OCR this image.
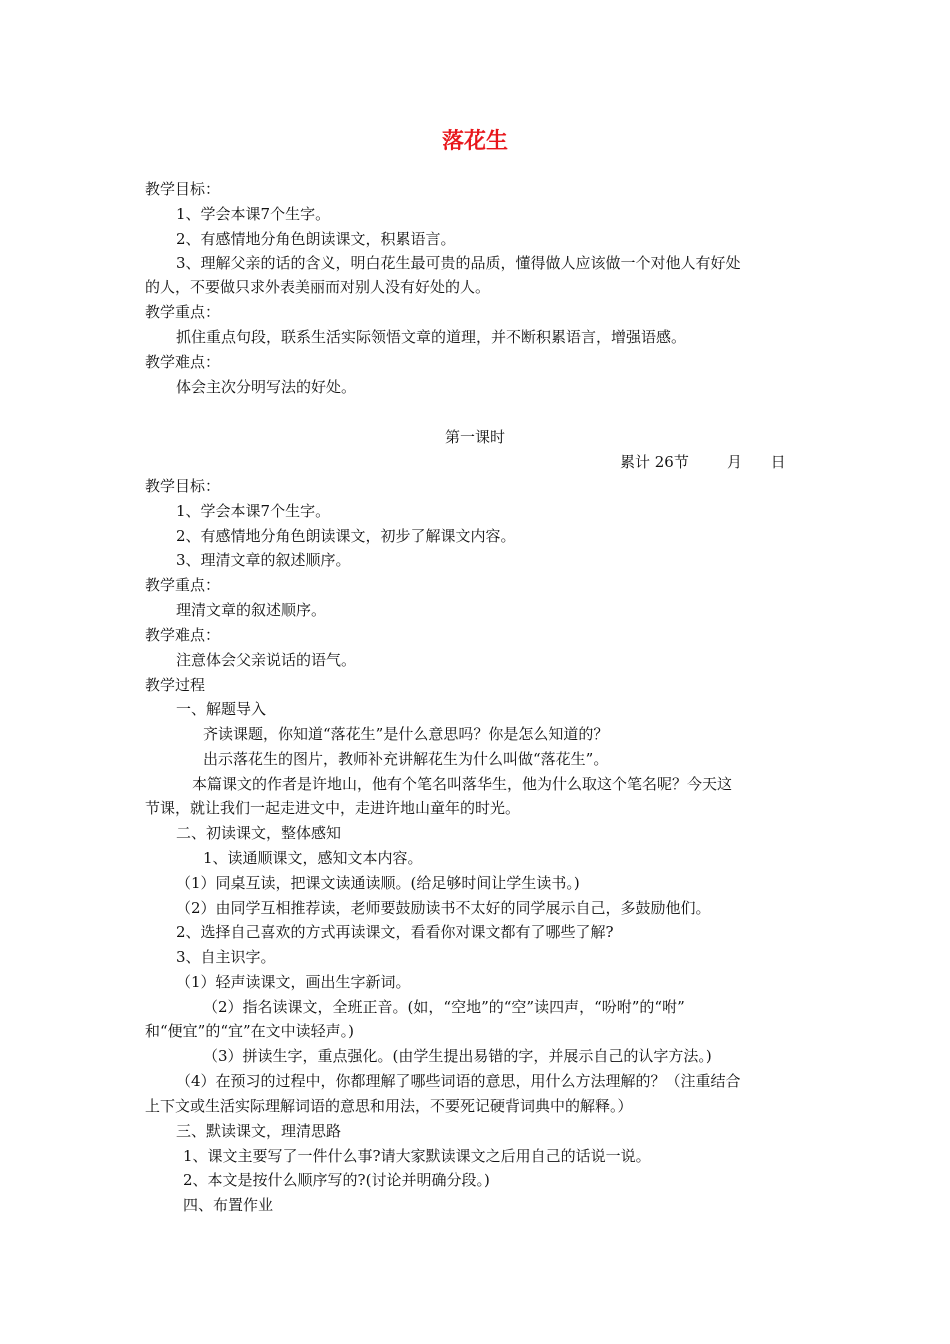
落花生
教学目标：
1、学会本课7个生字。
2、有感情地分角色朗读课文，积累语言。
3、理解父亲的话的含义，明白花生最可贵的品质，懂得做人应该做一个对他人有好处
的人，不要做只求外表美丽而对别人没有好处的人。
教学重点：
抓住重点句段，联系生活实际领悟文章的道理，并不断积累语言，增强语感。
教学难点：
体会主次分明写法的好处。
第一课时
累计 26节        月      日
教学目标：
1、学会本课7个生字。
2、有感情地分角色朗读课文，初步了解课文内容。
3、理清文章的叙述顺序。
教学重点：
理清文章的叙述顺序。
教学难点：
注意体会父亲说话的语气。
教学过程
一、解题导入
齐读课题，你知道“落花生”是什么意思吗？你是怎么知道的？
出示落花生的图片，教师补充讲解花生为什么叫做“落花生”。
本篇课文的作者是许地山，他有个笔名叫落华生，他为什么取这个笔名呢？今天这
节课，就让我们一起走进文中，走进许地山童年的时光。
二、初读课文，整体感知
1、读通顺课文，感知文本内容。
（1）同桌互读，把课文读通读顺。(给足够时间让学生读书。)
（2）由同学互相推荐读，老师要鼓励读书不太好的同学展示自己，多鼓励他们。
2、选择自己喜欢的方式再读课文，看看你对课文都有了哪些了解?
3、自主识字。
（1）轻声读课文，画出生字新词。
（2）指名读课文，全班正音。(如，“空地”的“空”读四声，“吩咐”的“咐”
和“便宜”的“宜”在文中读轻声。)
（3）拼读生字，重点强化。(由学生提出易错的字，并展示自己的认字方法。)
（4）在预习的过程中，你都理解了哪些词语的意思，用什么方法理解的？（注重结合
上下文或生活实际理解词语的意思和用法，不要死记硬背词典中的解释。）
三、默读课文，理清思路
1、课文主要写了一件什么事?请大家默读课文之后用自己的话说一说。
2、本文是按什么顺序写的?(讨论并明确分段。)
四、布置作业
